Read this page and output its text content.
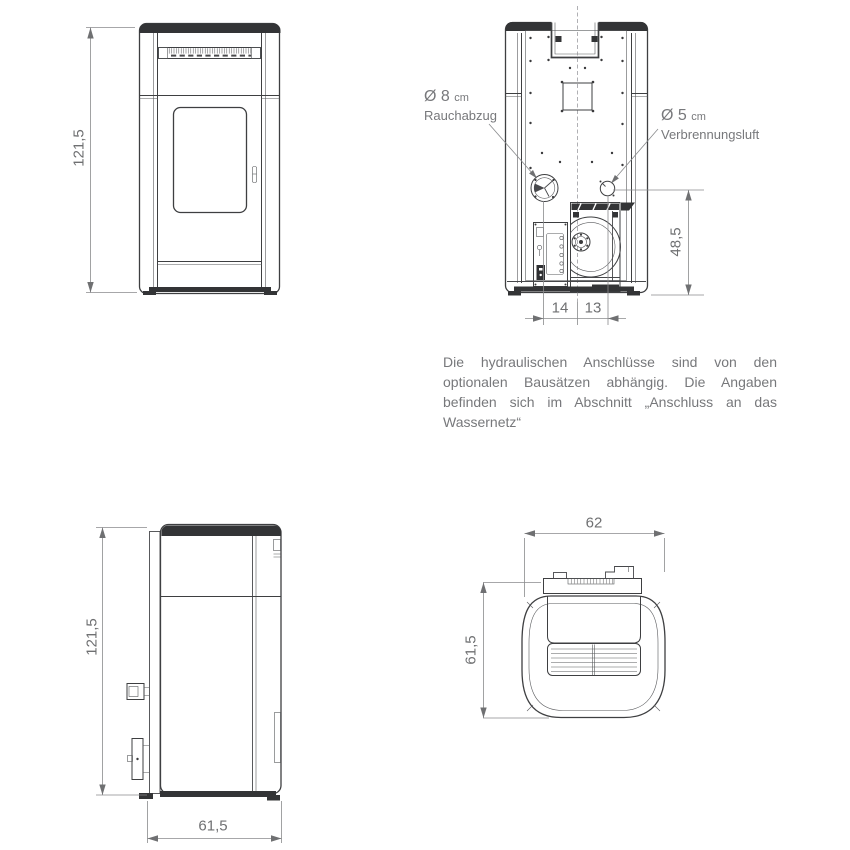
121,5
Ø 8 cm
Rauchabzug	Ø 5 cm
Verbrennungsluft
48,5
14 13
Die hydraulischen Anschlüsse sind von den
optionalen Bausätzen abhängig. Die Angaben
befinden sich im Abschnitt „Anschluss an das
Wassernetz“
121,5
61,5
62
61,5
